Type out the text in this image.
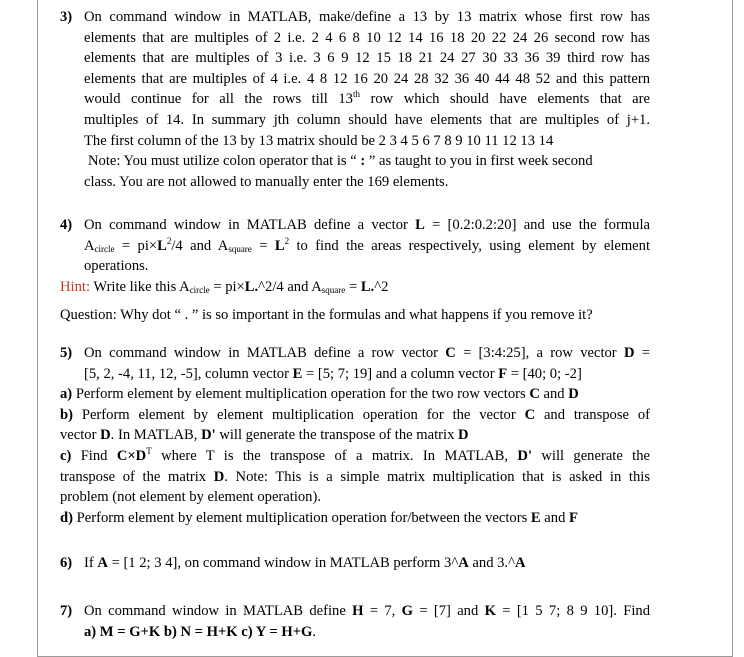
3) On command window in MATLAB, make/define a 13 by 13 matrix whose first row has
elements that are multiples of 2 i.e. 2 4 6 8 10 12 14 16 18 20 22 24 26 second row has
elements that are multiples of 3 i.e. 3 6 9 12 15 18 21 24 27 30 33 36 39 third row has
elements that are multiples of 4 i.e. 4 8 12 16 20 24 28 32 36 40 44 48 52 and this pattern
would continue for all the rows till 13th row which should have elements that are
multiples of 14. In summary jth column should have elements that are multiples of j+1.
The first column of the 13 by 13 matrix should be 2 3 4 5 6 7 8 9 10 11 12 13 14
Note: You must utilize colon operator that is “ : ” as taught to you in first week second
class. You are not allowed to manually enter the 169 elements.
4) On command window in MATLAB define a vector L = [0.2:0.2:20] and use the formula
$A_{circle} = pi\times L^2/4$ and $A_{square} = L^2$ to find the areas respectively, using element by element
operations.
Hint: Write like this $A_{circle}$ = pi×L.^2/4 and $A_{square}$ = L.^2
Question: Why dot “ . ” is so important in the formulas and what happens if you remove it?
5) On command window in MATLAB define a row vector C = [3:4:25], a row vector D =
[5, 2, -4, 11, 12, -5], column vector E = [5; 7; 19] and a column vector F = [40; 0; -2]
a) Perform element by element multiplication operation for the two row vectors C and D
b) Perform element by element multiplication operation for the vector C and transpose of
vector D. In MATLAB, D' will generate the transpose of the matrix D
c) Find $C\times D^T$ where T is the transpose of a matrix. In MATLAB, D' will generate the
transpose of the matrix D. Note: This is a simple matrix multiplication that is asked in this
problem (not element by element operation).
d) Perform element by element multiplication operation for/between the vectors E and F
6) If A = [1 2; 3 4], on command window in MATLAB perform 3^A and 3.^A
7) On command window in MATLAB define H = 7, G = [7] and K = [1 5 7; 8 9 10]. Find
a) M = G+K b) N = H+K c) Y = H+G.
